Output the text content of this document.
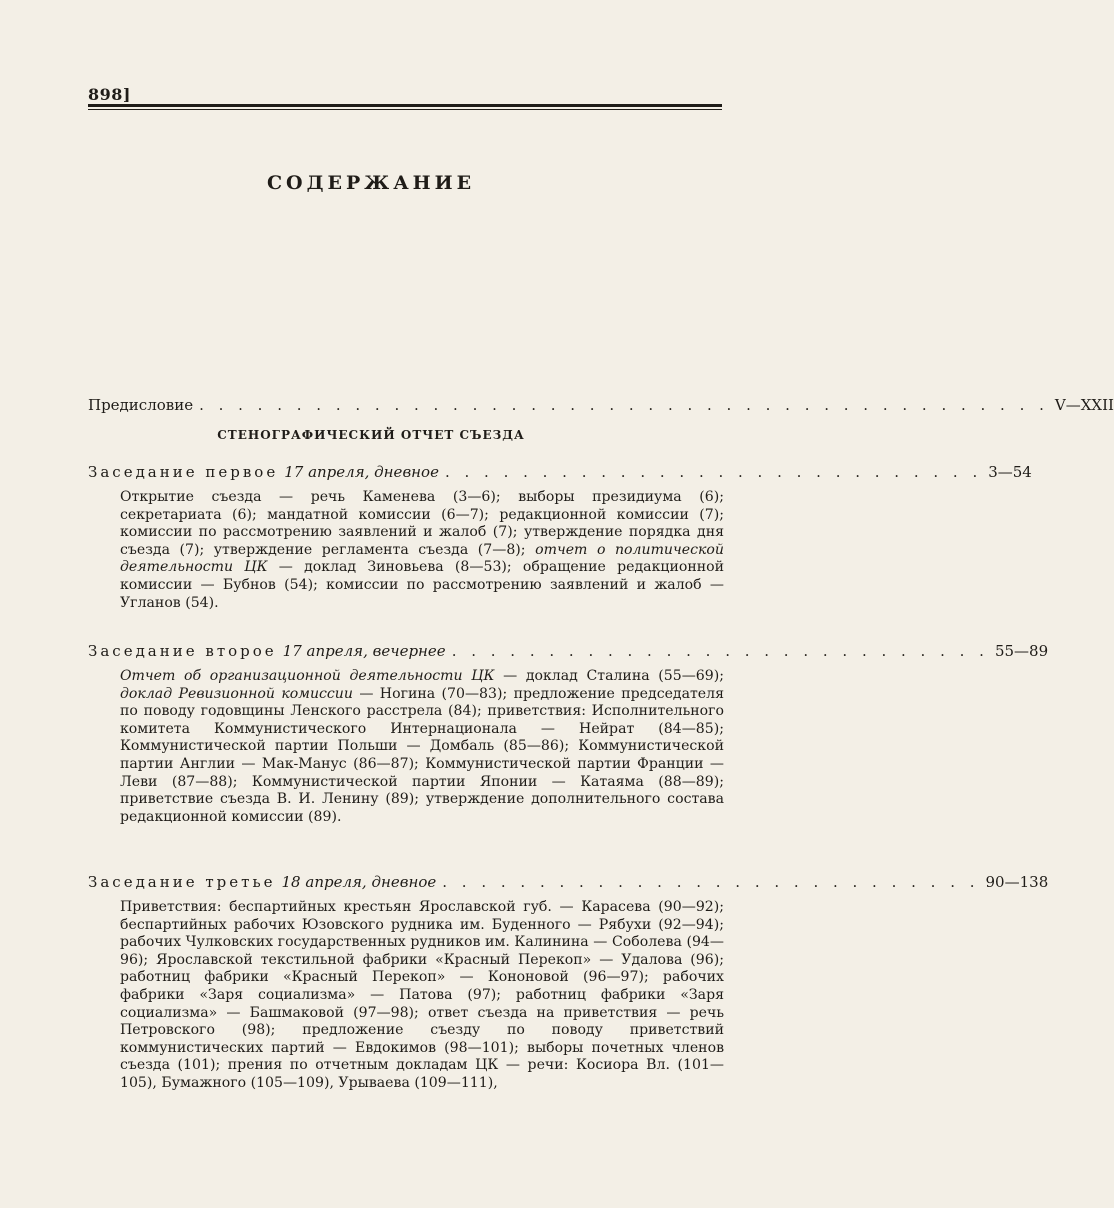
898]
СОДЕРЖАНИЕ
Предисловие . . . . . . . . . . . . . . . . . . . . . . . . . . . . . . . . . . . . . . . . . . . . V—XXII
СТЕНОГРАФИЧЕСКИЙ ОТЧЕТ СЪЕЗДА
Заседание первое 17 апреля, дневное . . . . . . . . . . . . . . . . . . . . . . . . . . . . 3—54
Открытие съезда — речь Каменева (3—6); выборы президиума (6); секретариата (6); мандатной комиссии (6—7); редакционной комиссии (7); комиссии по рассмотрению заявлений и жалоб (7); утверждение порядка дня съезда (7); утверждение регламента съезда (7—8); отчет о политической деятельности ЦК — доклад Зиновьева (8—53); обращение редакционной комиссии — Бубнов (54); комиссии по рассмотрению заявлений и жалоб — Угланов (54).
Заседание второе 17 апреля, вечернее . . . . . . . . . . . . . . . . . . . . . . . . . . . . 55—89
Отчет об организационной деятельности ЦК — доклад Сталина (55—69); доклад Ревизионной комиссии — Ногина (70—83); предложение председателя по поводу годовщины Ленского расстрела (84); приветствия: Исполнительного комитета Коммунистического Интернационала — Нейрат (84—85); Коммунистической партии Польши — Домбаль (85—86); Коммунистической партии Англии — Мак-Манус (86—87); Коммунистической партии Франции — Леви (87—88); Коммунистической партии Японии — Катаяма (88—89); приветствие съезда В. И. Ленину (89); утверждение дополнительного состава редакционной комиссии (89).
Заседание третье 18 апреля, дневное . . . . . . . . . . . . . . . . . . . . . . . . . . . . 90—138
Приветствия: беспартийных крестьян Ярославской губ. — Карасева (90—92); беспартийных рабочих Юзовского рудника им. Буденного — Рябухи (92—94); рабочих Чулковских государственных рудников им. Калинина — Соболева (94—96); Ярославской текстильной фабрики «Красный Перекоп» — Удалова (96); работниц фабрики «Красный Перекоп» — Кононовой (96—97); рабочих фабрики «Заря социализма» — Патова (97); работниц фабрики «Заря социализма» — Башмаковой (97—98); ответ съезда на приветствия — речь Петровского (98); предложение съезду по поводу приветствий коммунистических партий — Евдокимов (98—101); выборы почетных членов съезда (101); прения по отчетным докладам ЦК — речи: Косиора Вл. (101—105), Бумажного (105—109), Урываева (109—111),
